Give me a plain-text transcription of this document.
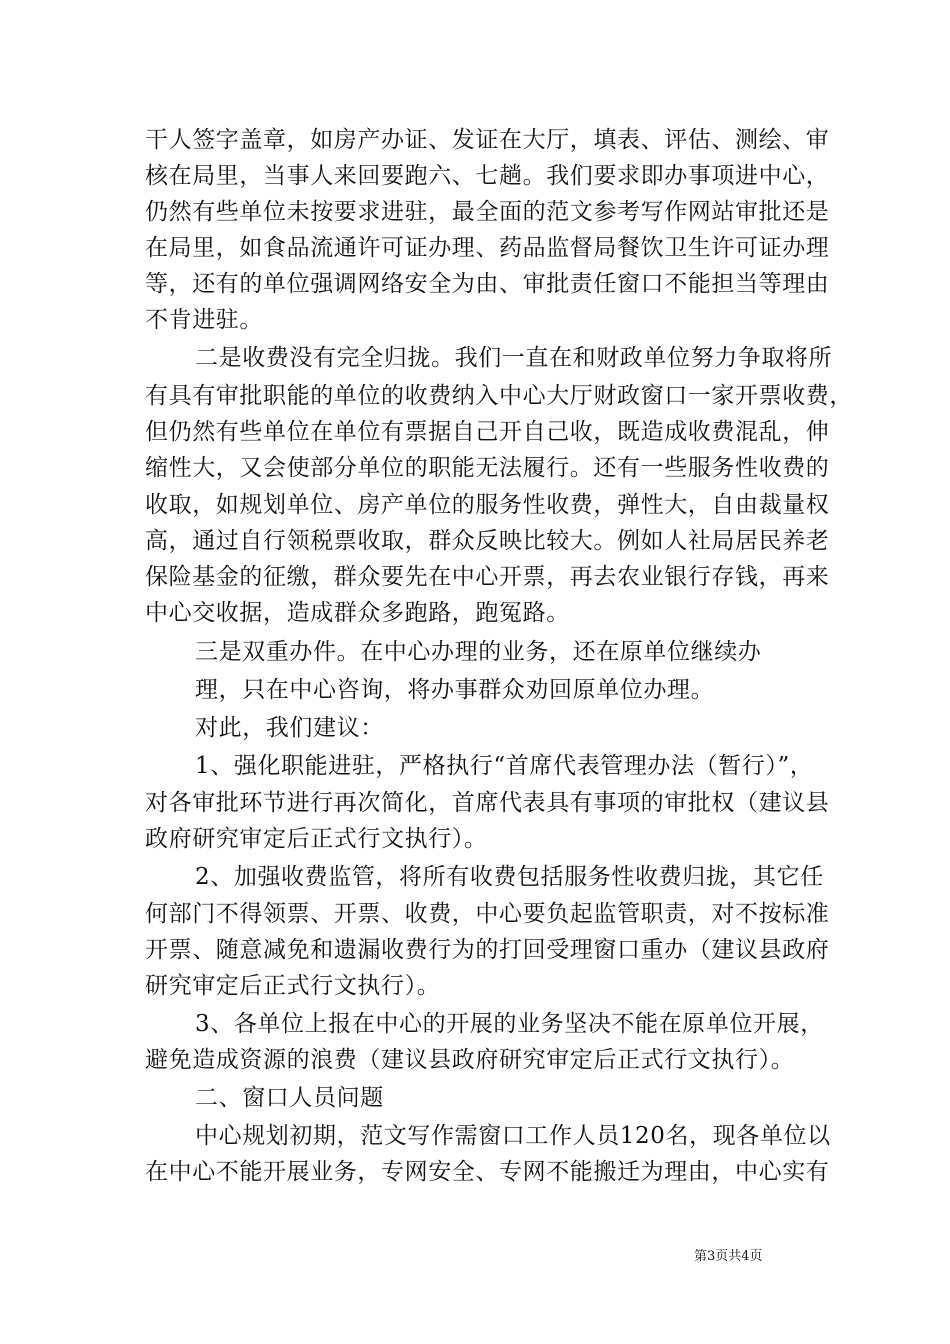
干人签字盖章，如房产办证、发证在大厅，填表、评估、测绘、审
核在局里，当事人来回要跑六、七趟。我们要求即办事项进中心，
仍然有些单位未按要求进驻，最全面的范文参考写作网站审批还是
在局里，如食品流通许可证办理、药品监督局餐饮卫生许可证办理
等，还有的单位强调网络安全为由、审批责任窗口不能担当等理由
不肯进驻。
二是收费没有完全归拢。我们一直在和财政单位努力争取将所
有具有审批职能的单位的收费纳入中心大厅财政窗口一家开票收费，
但仍然有些单位在单位有票据自己开自己收，既造成收费混乱，伸
缩性大，又会使部分单位的职能无法履行。还有一些服务性收费的
收取，如规划单位、房产单位的服务性收费，弹性大，自由裁量权
高，通过自行领税票收取，群众反映比较大。例如人社局居民养老
保险基金的征缴，群众要先在中心开票，再去农业银行存钱，再来
中心交收据，造成群众多跑路，跑冤路。
三是双重办件。在中心办理的业务，还在原单位继续办
理，只在中心咨询，将办事群众劝回原单位办理。
对此，我们建议：
1、强化职能进驻，严格执行“首席代表管理办法（暂行）”，
对各审批环节进行再次简化，首席代表具有事项的审批权（建议县
政府研究审定后正式行文执行）。
2、加强收费监管，将所有收费包括服务性收费归拢，其它任
何部门不得领票、开票、收费，中心要负起监管职责，对不按标准
开票、随意减免和遗漏收费行为的打回受理窗口重办（建议县政府
研究审定后正式行文执行）。
3、各单位上报在中心的开展的业务坚决不能在原单位开展，
避免造成资源的浪费（建议县政府研究审定后正式行文执行）。
二、窗口人员问题
中心规划初期，范文写作需窗口工作人员120名，现各单位以
在中心不能开展业务，专网安全、专网不能搬迁为理由，中心实有
第3页共4页
